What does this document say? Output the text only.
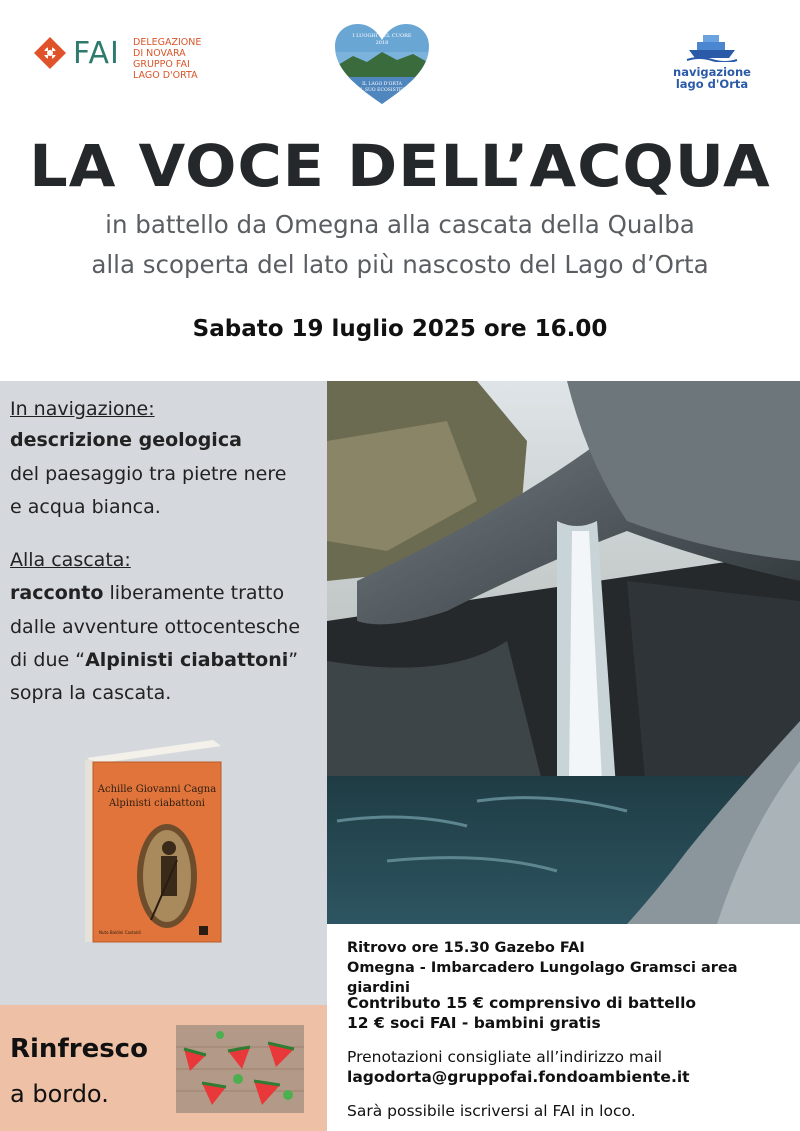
FAI DELEGAZIONE
DI NOVARA
GRUPPO FAI
LAGO D'ORTA
I LUOGHI DEL CUORE
2018
IL LAGO D'ORTA
E IL SUO ECOSISTEMA
navigazione
lago d'Orta
LA VOCE DELL’ACQUA
in battello da Omegna alla cascata della Qualba
alla scoperta del lato più nascosto del Lago d’Orta
Sabato 19 luglio 2025 ore 16.00
In navigazione:
descrizione geologica
del paesaggio tra pietre nere
e acqua bianca.
Alla cascata:
racconto liberamente tratto
dalle avventure ottocentesche
di due “Alpinisti ciabattoni”
sopra la cascata.
Achille Giovanni Cagna
Alpinisti ciabattoni
Nuto Baldini Castoldi
Rinfresco
a bordo.
Ritrovo ore 15.30 Gazebo FAI
Omegna - Imbarcadero Lungolago Gramsci area giardini
Contributo 15 € comprensivo di battello
12 € soci FAI - bambini gratis
Prenotazioni consigliate all’indirizzo mail
lagodorta@gruppofai.fondoambiente.it
Sarà possibile iscriversi al FAI in loco.
